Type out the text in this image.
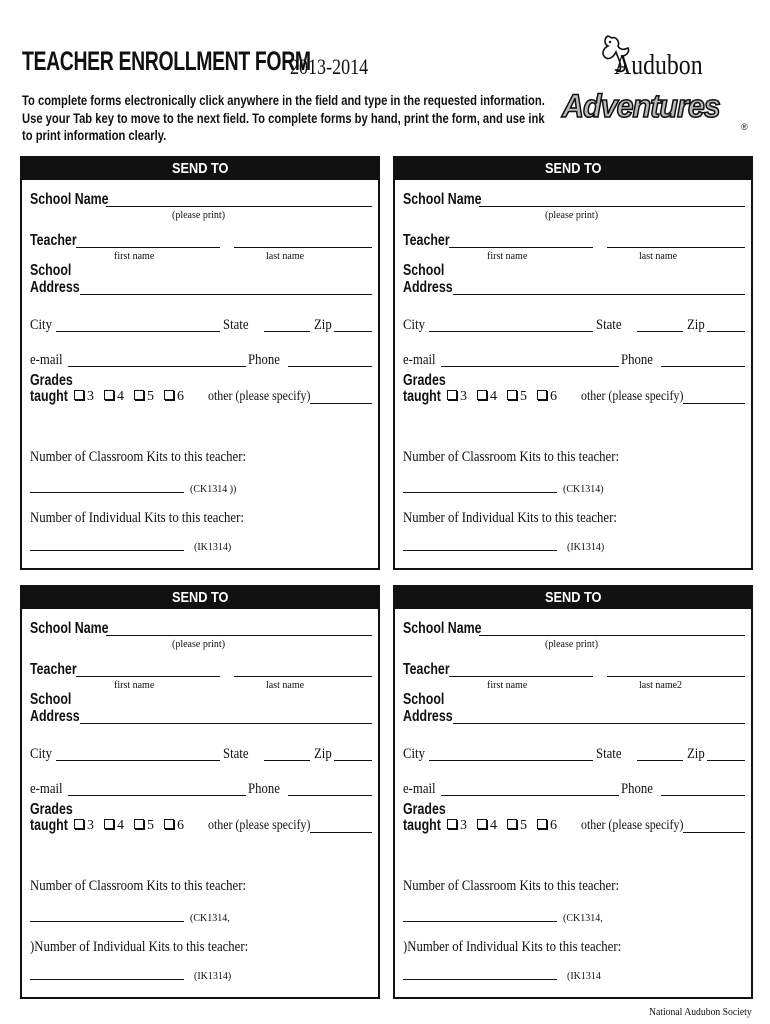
TEACHER ENROLLMENT FORM
2013-2014
To complete forms electronically click anywhere in the field and type in the requested information.
Use your Tab key to move to the next field. To complete forms by hand, print the form, and use ink
to print information clearly.
Audubon
Adventures
®
SEND TO
School Name
(please print)
Teacher
first name	last name
School
Address
City	State	Zip
e-mail	Phone
Grades
taught	3	4	5	6 other (please specify)
Number of Classroom Kits to this teacher:
(CK1314 ))
Number of Individual Kits to this teacher:
(IK1314)
SEND TO
School Name
(please print)
Teacher
first name	last name
School
Address
City	State	Zip
e-mail	Phone
Grades
taught	3	4	5	6 other (please specify)
Number of Classroom Kits to this teacher:
(CK1314)
Number of Individual Kits to this teacher:
(IK1314)
SEND TO
School Name
(please print)
Teacher
first name	last name
School
Address
City	State	Zip
e-mail	Phone
Grades
taught	3	4	5	6 other (please specify)
Number of Classroom Kits to this teacher:
(CK1314,
)Number of Individual Kits to this teacher:
(IK1314)
SEND TO
School Name
(please print)
Teacher
first name	last name2
School
Address
City	State	Zip
e-mail	Phone
Grades
taught	3	4	5	6 other (please specify)
Number of Classroom Kits to this teacher:
(CK1314,
)Number of Individual Kits to this teacher:
(IK1314
National Audubon Society
